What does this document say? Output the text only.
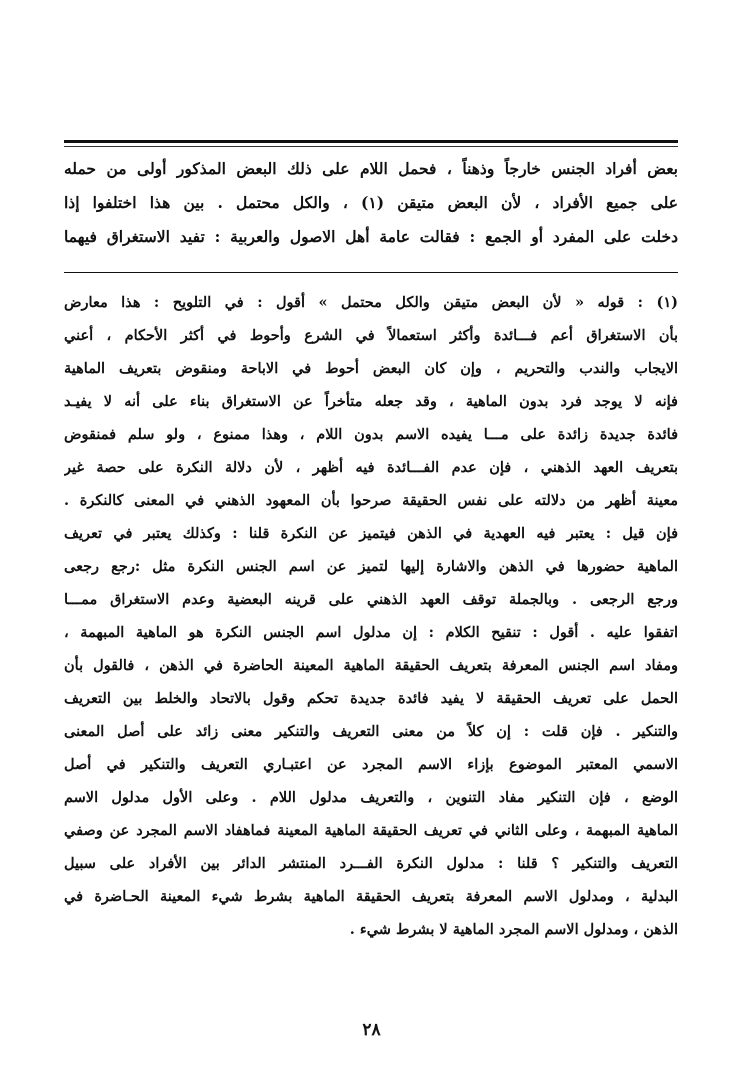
بعض أفراد الجنس خارجاً وذهناً ، فحمل اللام على ذلك البعض المذكور أولى من حمله
على جميع الأفراد ، لأن البعض متيقن (١) ، والكل محتمل . بين هذا اختلفوا إذا
دخلت على المفرد أو الجمع : فقالت عامة أهل الاصول والعربية : تفيد الاستغراق فيهما
(١) : قوله « لأن البعض متيقن والكل محتمل » أقول : في التلويح : هذا معارض
بأن الاستغراق أعم فـــائدة وأكثر استعمالاً في الشرع وأحوط في أكثر الأحكام ، أعني
الايجاب والندب والتحريم ، وإن كان البعض أحوط في الاباحة ومنقوض بتعريف الماهية
فإنه لا يوجد فرد بدون الماهية ، وقد جعله متأخراً عن الاستغراق بناء على أنه لا يفيـد
فائدة جديدة زائدة على مـــا يفيده الاسم بدون اللام ، وهذا ممنوع ، ولو سلم فمنقوض
بتعريف العهد الذهني ، فإن عدم الفـــائدة فيه أظهر ، لأن دلالة النكرة على حصة غير
معينة أظهر من دلالته على نفس الحقيقة صرحوا بأن المعهود الذهني في المعنى كالنكرة .
فإن قيل : يعتبر فيه العهدية في الذهن فيتميز عن النكرة قلنا : وكذلك يعتبر في تعريف
الماهية حضورها في الذهن والاشارة إليها لتميز عن اسم الجنس النكرة مثل :رجع رجعى
ورجع الرجعى . وبالجملة توقف العهد الذهني على قرينه البعضية وعدم الاستغراق ممـــا
اتفقوا عليه . أقول : تنقيح الكلام : إن مدلول اسم الجنس النكرة هو الماهية المبهمة ،
ومفاد اسم الجنس المعرفة بتعريف الحقيقة الماهية المعينة الحاضرة في الذهن ، فالقول بأن
الحمل على تعريف الحقيقة لا يفيد فائدة جديدة تحكم وقول بالاتحاد والخلط بين التعريف
والتنكير . فإن قلت : إن كلاً من معنى التعريف والتنكير معنى زائد على أصل المعنى
الاسمي المعتبر الموضوع بإزاء الاسم المجرد عن اعتبـاري التعريف والتنكير في أصل
الوضع ، فإن التنكير مفاد التنوين ، والتعريف مدلول اللام . وعلى الأول مدلول الاسم
الماهية المبهمة ، وعلى الثاني في تعريف الحقيقة الماهية المعينة فماهفاد الاسم المجرد عن وصفي
التعريف والتنكير ؟ قلنا : مدلول النكرة الفـــرد المنتشر الدائر بين الأفراد على سبيل
البدلية ، ومدلول الاسم المعرفة بتعريف الحقيقة الماهية بشرط شيء المعينة الحـاضرة في
الذهن ، ومدلول الاسم المجرد الماهية لا بشرط شيء .
٢٨
